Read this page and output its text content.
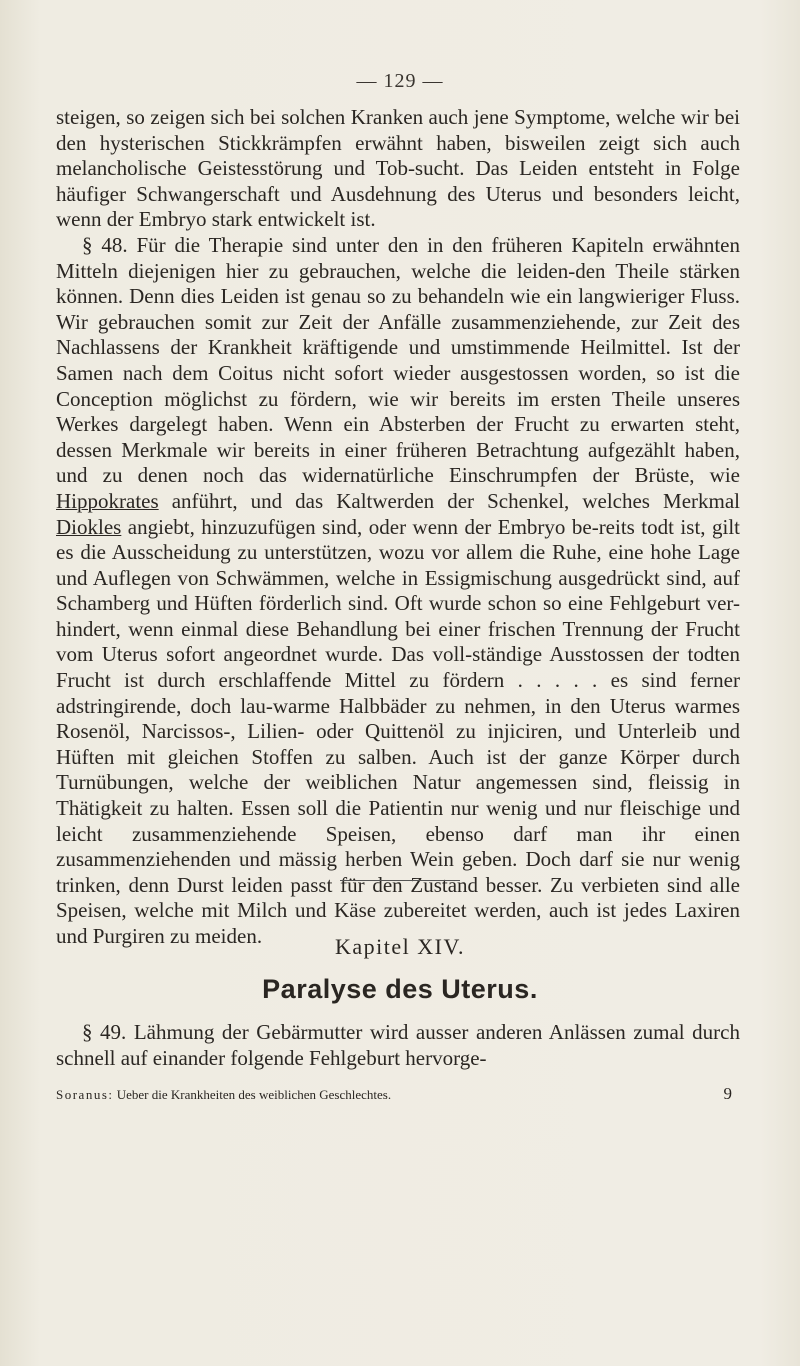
— 129 —

steigen, so zeigen sich bei solchen Kranken auch jene Symptome, welche wir bei den hysterischen Stickkrämpfen erwähnt haben, bisweilen zeigt sich auch melancholische Geistesstörung und Tob-sucht. Das Leiden entsteht in Folge häufiger Schwangerschaft und Ausdehnung des Uterus und besonders leicht, wenn der Embryo stark entwickelt ist.

§ 48. Für die Therapie sind unter den in den früheren Kapiteln erwähnten Mitteln diejenigen hier zu gebrauchen, welche die leiden-den Theile stärken können. Denn dies Leiden ist genau so zu behandeln wie ein langwieriger Fluss. Wir gebrauchen somit zur Zeit der Anfälle zusammenziehende, zur Zeit des Nachlassens der Krankheit kräftigende und umstimmende Heilmittel. Ist der Samen nach dem Coitus nicht sofort wieder ausgestossen worden, so ist die Conception möglichst zu fördern, wie wir bereits im ersten Theile unseres Werkes dargelegt haben. Wenn ein Absterben der Frucht zu erwarten steht, dessen Merkmale wir bereits in einer früheren Betrachtung aufgezählt haben, und zu denen noch das widernatürliche Einschrumpfen der Brüste, wie Hippokrates anführt, und das Kaltwerden der Schenkel, welches Merkmal Diokles angiebt, hinzuzufügen sind, oder wenn der Embryo be-reits todt ist, gilt es die Ausscheidung zu unterstützen, wozu vor allem die Ruhe, eine hohe Lage und Auflegen von Schwämmen, welche in Essigmischung ausgedrückt sind, auf Schamberg und Hüften förderlich sind. Oft wurde schon so eine Fehlgeburt ver-hindert, wenn einmal diese Behandlung bei einer frischen Trennung der Frucht vom Uterus sofort angeordnet wurde. Das voll-ständige Ausstossen der todten Frucht ist durch erschlaffende Mittel zu fördern . . . . . es sind ferner adstringirende, doch lau-warme Halbbäder zu nehmen, in den Uterus warmes Rosenöl, Narcissos-, Lilien- oder Quittenöl zu injiciren, und Unterleib und Hüften mit gleichen Stoffen zu salben. Auch ist der ganze Körper durch Turnübungen, welche der weiblichen Natur angemessen sind, fleissig in Thätigkeit zu halten. Essen soll die Patientin nur wenig und nur fleischige und leicht zusammenziehende Speisen, ebenso darf man ihr einen zusammenziehenden und mässig herben Wein geben. Doch darf sie nur wenig trinken, denn Durst leiden passt für den Zustand besser. Zu verbieten sind alle Speisen, welche mit Milch und Käse zubereitet werden, auch ist jedes Laxiren und Purgiren zu meiden.	Kapitel XIV.
Paralyse des Uterus.

§ 49. Lähmung der Gebärmutter wird ausser anderen Anlässen zumal durch schnell auf einander folgende Fehlgeburt hervorge-

Soranus: Ueber die Krankheiten des weiblichen Geschlechtes.	9
